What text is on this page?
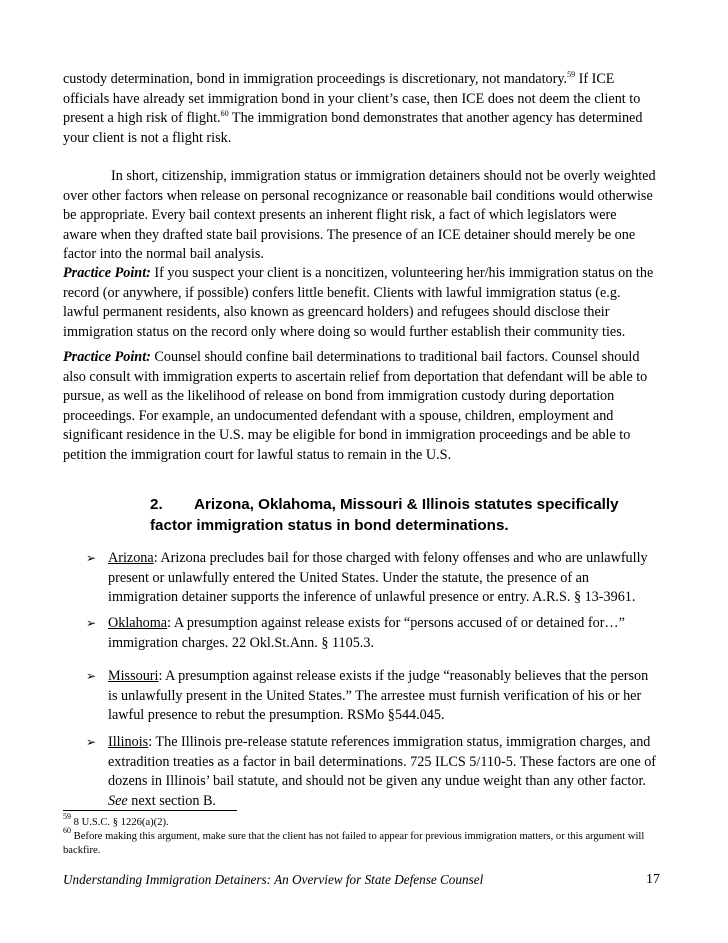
custody determination, bond in immigration proceedings is discretionary, not mandatory.$^{59}$ If ICE
officials have already set immigration bond in your client’s case, then ICE does not deem the client to
present a high risk of flight.$^{60}$ The immigration bond demonstrates that another agency has determined
your client is not a flight risk.

In short, citizenship, immigration status or immigration detainers should not be overly weighted
over other factors when release on personal recognizance or reasonable bail conditions would otherwise
be appropriate. Every bail context presents an inherent flight risk, a fact of which legislators were
aware when they drafted state bail provisions. The presence of an ICE detainer should merely be one
factor into the normal bail analysis.

Practice Point: If you suspect your client is a noncitizen, volunteering her/his immigration status on the
record (or anywhere, if possible) confers little benefit. Clients with lawful immigration status (e.g.
lawful permanent residents, also known as greencard holders) and refugees should disclose their
immigration status on the record only where doing so would further establish their community ties.

Practice Point: Counsel should confine bail determinations to traditional bail factors. Counsel should
also consult with immigration experts to ascertain relief from deportation that defendant will be able to
pursue, as well as the likelihood of release on bond from immigration custody during deportation
proceedings. For example, an undocumented defendant with a spouse, children, employment and
significant residence in the U.S. may be eligible for bond in immigration proceedings and be able to
petition the immigration court for lawful status to remain in the U.S.

2. Arizona, Oklahoma, Missouri & Illinois statutes specifically
factor immigration status in bond determinations.
➢ Arizona: Arizona precludes bail for those charged with felony offenses and who are unlawfully
present or unlawfully entered the United States. Under the statute, the presence of an
immigration detainer supports the inference of unlawful presence or entry. A.R.S. § 13-3961.
➢ Oklahoma: A presumption against release exists for “persons accused of or detained for…”
immigration charges. 22 Okl.St.Ann. § 1105.3.
➢ Missouri: A presumption against release exists if the judge “reasonably believes that the person
is unlawfully present in the United States.” The arrestee must furnish verification of his or her
lawful presence to rebut the presumption. RSMo §544.045.
➢ Illinois: The Illinois pre-release statute references immigration status, immigration charges, and
extradition treaties as a factor in bail determinations. 725 ILCS 5/110-5. These factors are one of
dozens in Illinois’ bail statute, and should not be given any undue weight than any other factor.
See next section B.
$^{59}$ 8 U.S.C. § 1226(a)(2).
$^{60}$ Before making this argument, make sure that the client has not failed to appear for previous immigration matters, or this argument will
backfire.
Understanding Immigration Detainers: An Overview for State Defense Counsel	17
